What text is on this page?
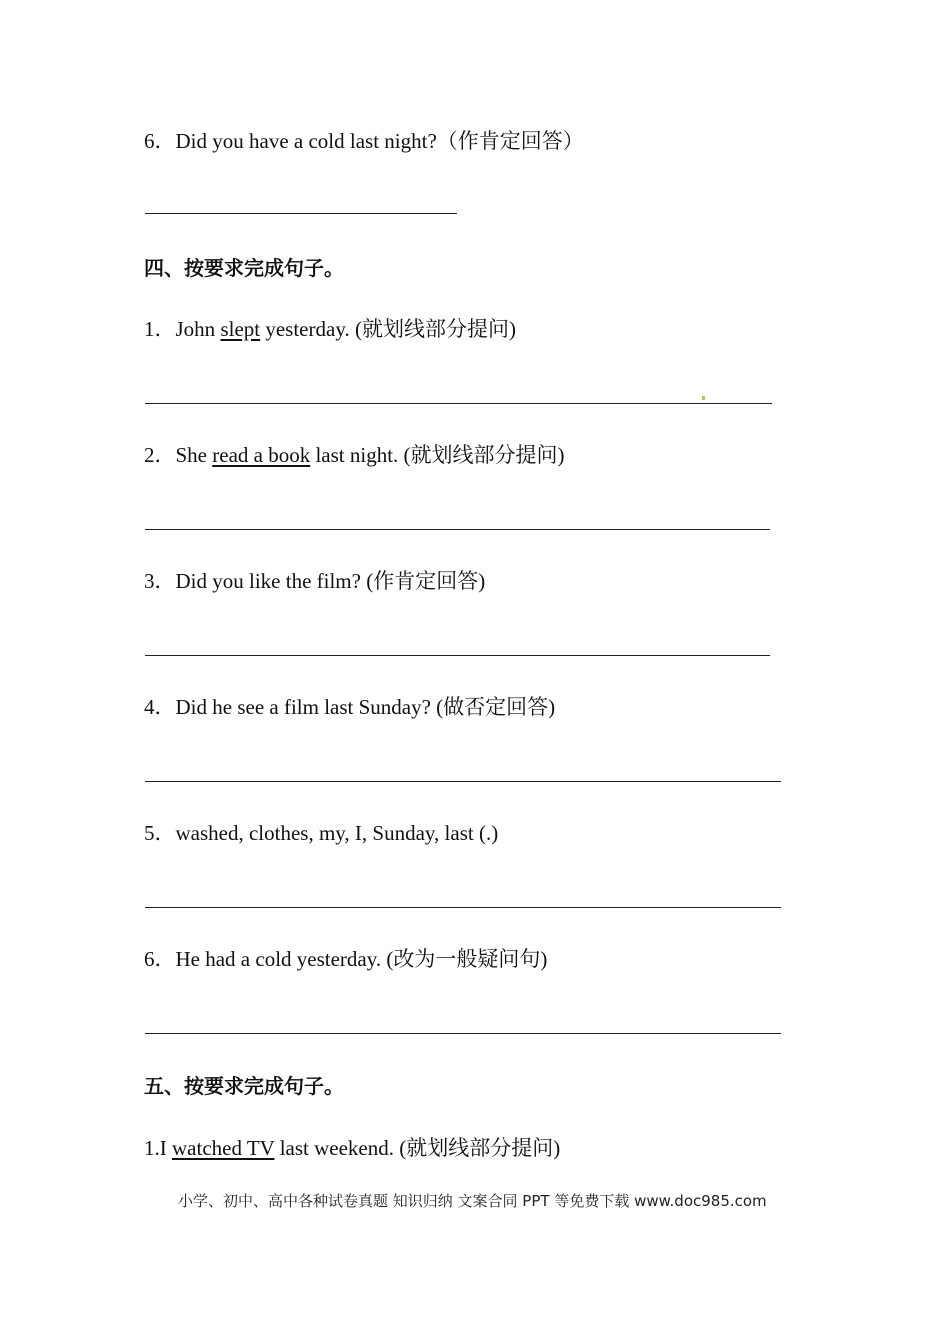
6．Did you have a cold last night?（作肯定回答）
四、按要求完成句子。
1．John slept yesterday. (就划线部分提问)
2．She read a book last night. (就划线部分提问)
3．Did you like the film? (作肯定回答)
4．Did he see a film last Sunday? (做否定回答)
5．washed, clothes, my, I, Sunday, last (.)
6．He had a cold yesterday. (改为一般疑问句)
五、按要求完成句子。
1.I watched TV last weekend. (就划线部分提问)
小学、初中、高中各种试卷真题 知识归纳 文案合同 PPT 等免费下载 www.doc985.com
